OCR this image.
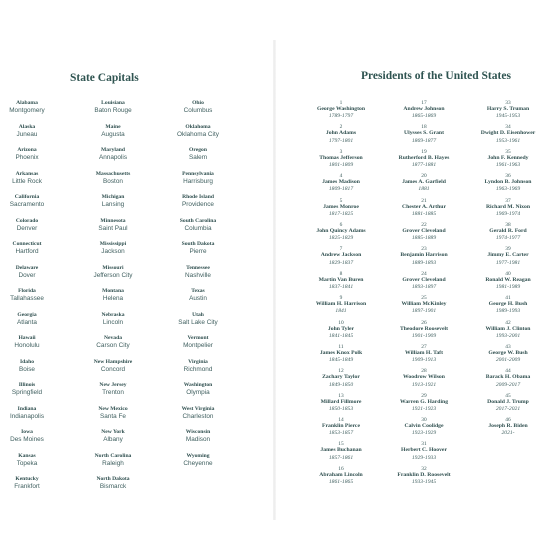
State Capitals
Alabama
Montgomery
Alaska
Juneau
Arizona
Phoenix
Arkansas
Little Rock
California
Sacramento
Colorado
Denver
Connecticut
Hartford
Delaware
Dover
Florida
Tallahassee
Georgia
Atlanta
Hawaii
Honolulu
Idaho
Boise
Illinois
Springfield
Indiana
Indianapolis
Iowa
Des Moines
Kansas
Topeka
Kentucky
Frankfort
Louisiana
Baton Rouge
Maine
Augusta
Maryland
Annapolis
Massachusetts
Boston
Michigan
Lansing
Minnesota
Saint Paul
Mississippi
Jackson
Missouri
Jefferson City
Montana
Helena
Nebraska
Lincoln
Nevada
Carson City
New Hampshire
Concord
New Jersey
Trenton
New Mexico
Santa Fe
New York
Albany
North Carolina
Raleigh
North Dakota
Bismarck
Ohio
Columbus
Oklahoma
Oklahoma City
Oregon
Salem
Pennsylvania
Harrisburg
Rhode Island
Providence
South Carolina
Columbia
South Dakota
Pierre
Tennessee
Nashville
Texas
Austin
Utah
Salt Lake City
Vermont
Montpelier
Virginia
Richmond
Washington
Olympia
West Virginia
Charleston
Wisconsin
Madison
Wyoming
Cheyenne
Presidents of the United States
1
George Washington
1789-1797
2
John Adams
1797-1801
3
Thomas Jefferson
1801-1809
4
James Madison
1809-1817
5
James Monroe
1817-1825
6
John Quincy Adams
1825-1829
7
Andrew Jackson
1829-1837
8
Martin Van Buren
1837-1841
9
William H. Harrison
1841
10
John Tyler
1841-1845
11
James Knox Polk
1845-1849
12
Zachary Taylor
1849-1850
13
Millard Fillmore
1850-1853
14
Franklin Pierce
1853-1857
15
James Buchanan
1857-1861
16
Abraham Lincoln
1861-1865
17
Andrew Johnson
1865-1869
18
Ulysses S. Grant
1869-1877
19
Rutherford B. Hayes
1877-1881
20
James A. Garfield
1881
21
Chester A. Arthur
1881-1885
22
Grover Cleveland
1885-1889
23
Benjamin Harrison
1889-1893
24
Grover Cleveland
1893-1897
25
William McKinley
1897-1901
26
Theodore Roosevelt
1901-1909
27
William H. Taft
1909-1913
28
Woodrow Wilson
1913-1921
29
Warren G. Harding
1921-1923
30
Calvin Coolidge
1923-1929
31
Herbert C. Hoover
1929-1933
32
Franklin D. Roosevelt
1933-1945
33
Harry S. Truman
1945-1953
34
Dwight D. Eisenhower
1953-1961
35
John F. Kennedy
1961-1963
36
Lyndon B. Johnson
1963-1969
37
Richard M. Nixon
1969-1974
38
Gerald R. Ford
1974-1977
39
Jimmy E. Carter
1977-1981
40
Ronald W. Reagan
1981-1989
41
George H. Bush
1989-1993
42
William J. Clinton
1993-2001
43
George W. Bush
2001-2009
44
Barack H. Obama
2009-2017
45
Donald J. Trump
2017-2021
46
Joseph R. Biden
2021-
